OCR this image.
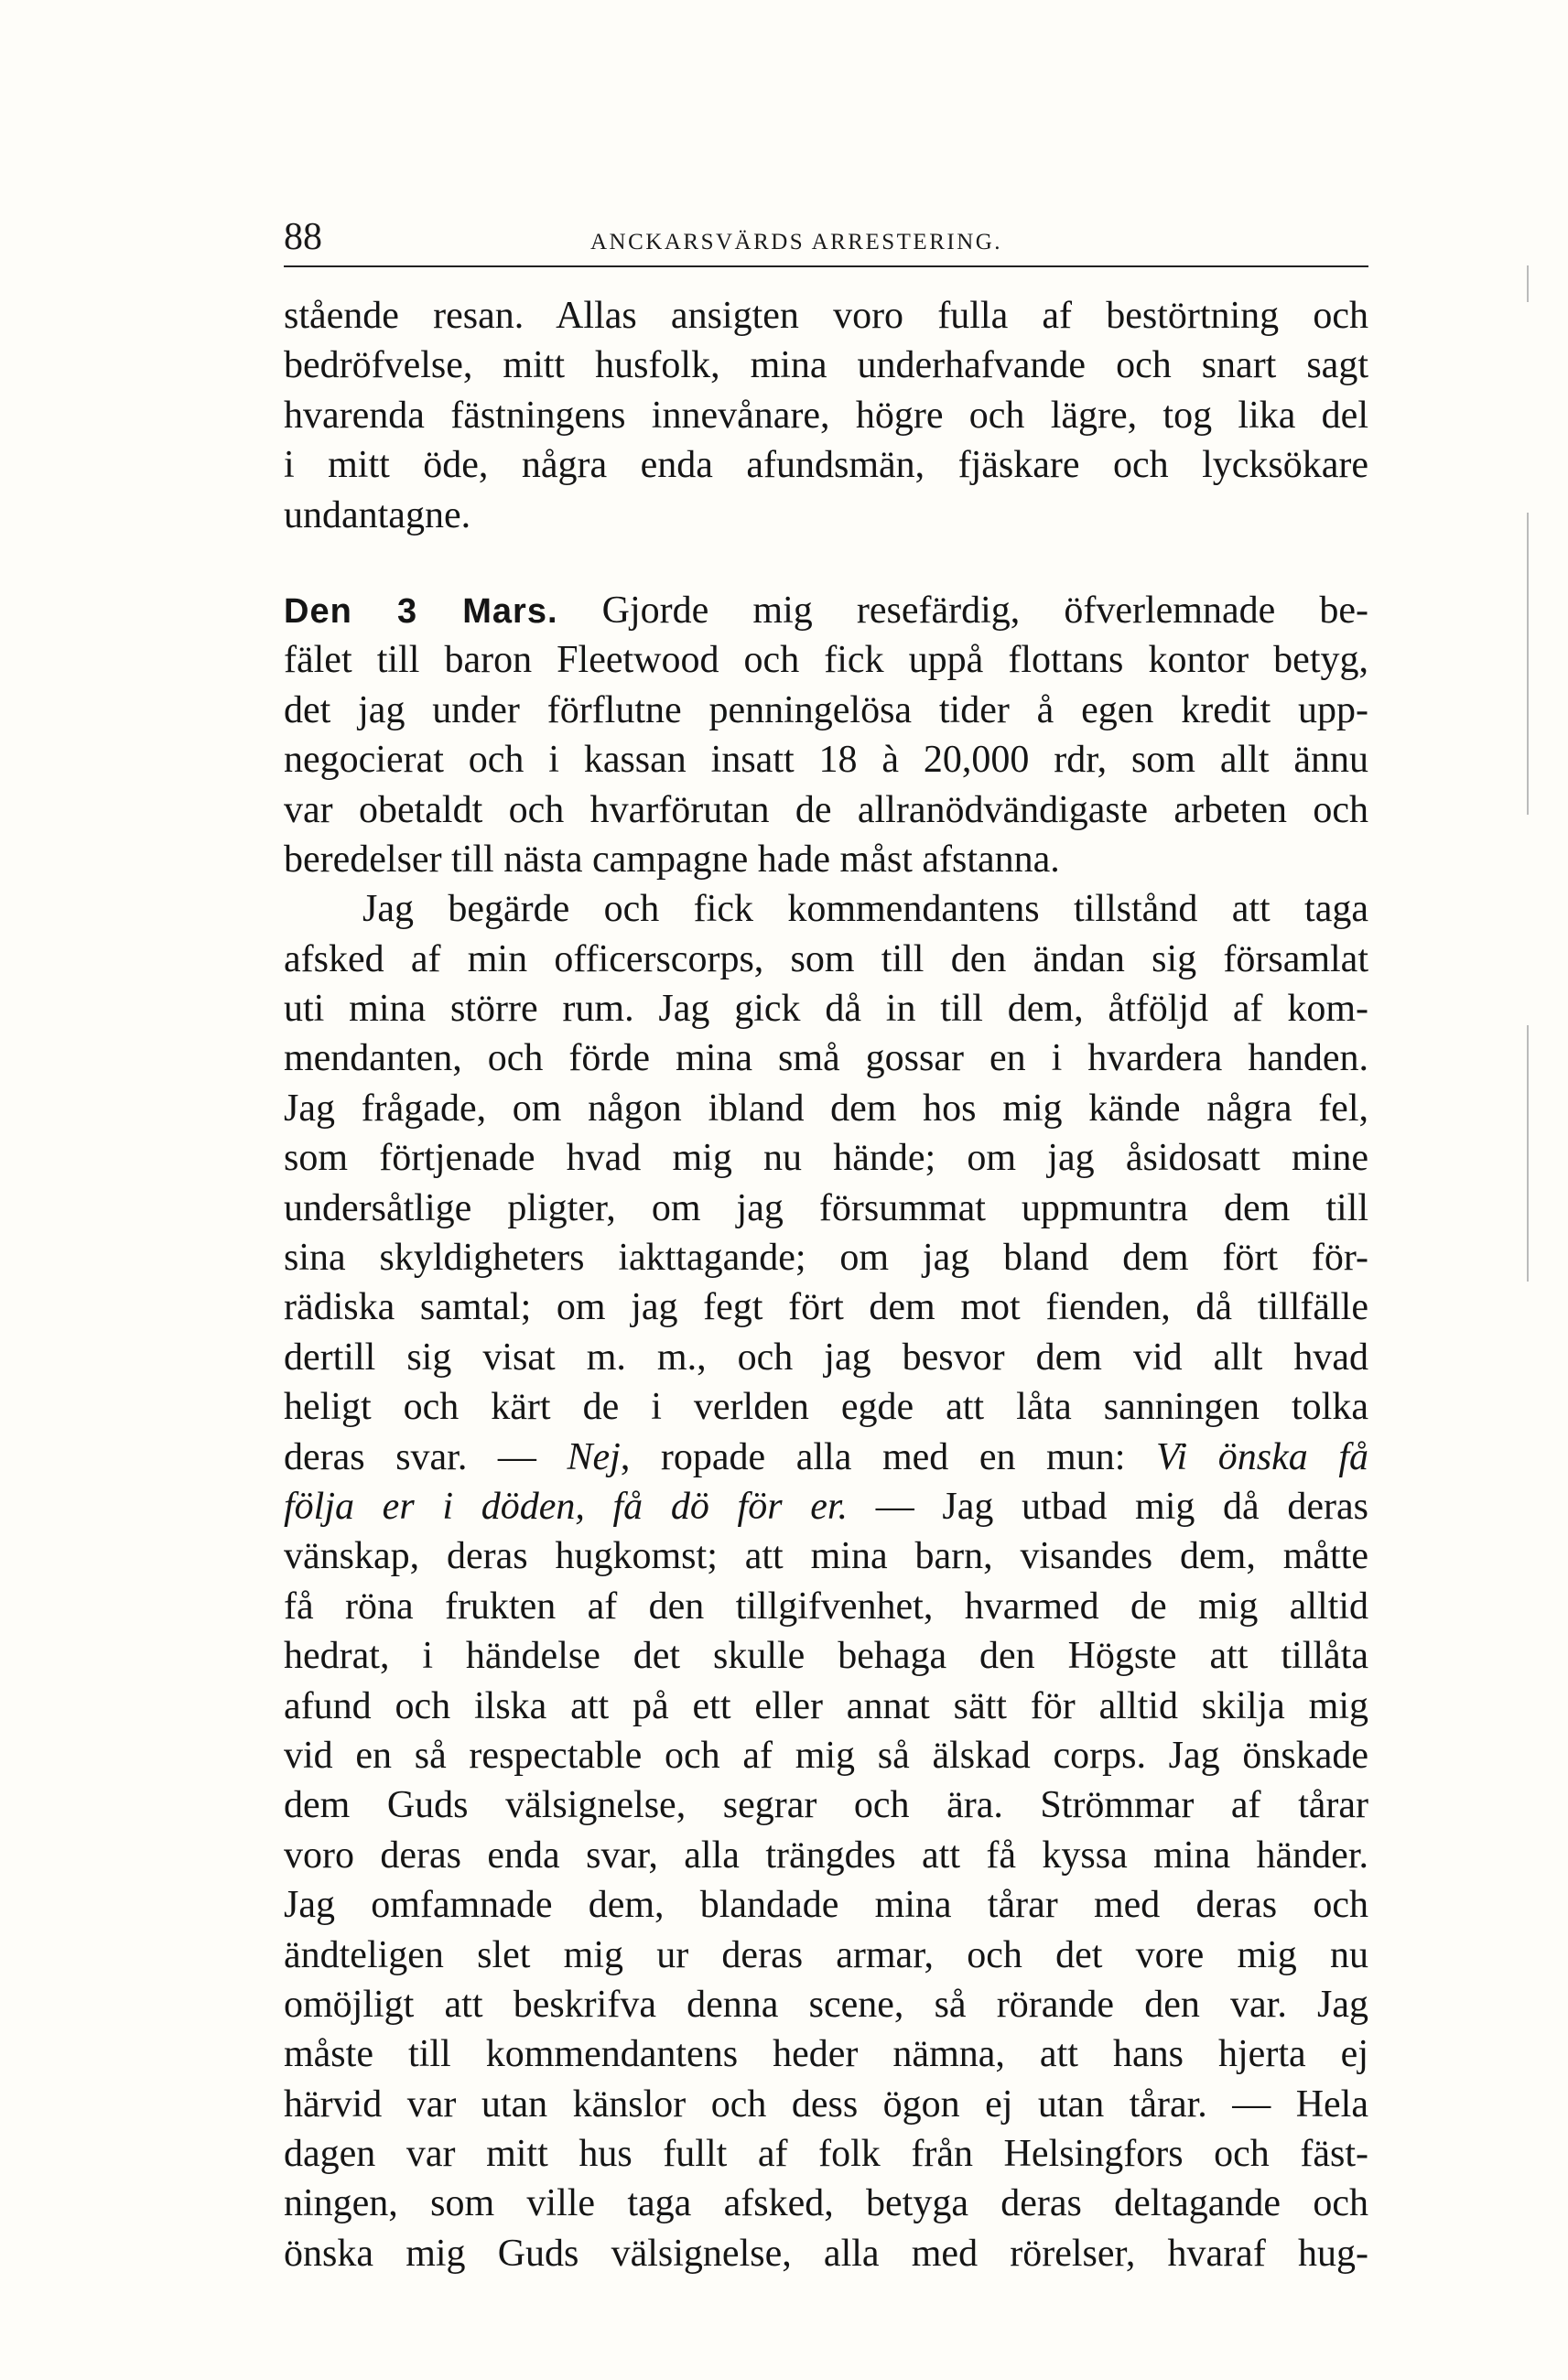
88	ANCKARSVÄRDS ARRESTERING.
stående resan. Allas ansigten voro fulla af bestörtning och
bedröfvelse, mitt husfolk, mina underhafvande och snart sagt
hvarenda fästningens innevånare, högre och lägre, tog lika del
i mitt öde, några enda afundsmän, fjäskare och lycksökare
undantagne.
Den 3 Mars. Gjorde mig resefärdig, öfverlemnade be-
fälet till baron Fleetwood och fick uppå flottans kontor betyg,
det jag under förflutne penningelösa tider å egen kredit upp-
negocierat och i kassan insatt 18 à 20,000 rdr, som allt ännu
var obetaldt och hvarförutan de allranödvändigaste arbeten och
beredelser till nästa campagne hade måst afstanna.
Jag begärde och fick kommendantens tillstånd att taga
afsked af min officerscorps, som till den ändan sig församlat
uti mina större rum. Jag gick då in till dem, åtföljd af kom-
mendanten, och förde mina små gossar en i hvardera handen.
Jag frågade, om någon ibland dem hos mig kände några fel,
som förtjenade hvad mig nu hände; om jag åsidosatt mine
undersåtlige pligter, om jag försummat uppmuntra dem till
sina skyldigheters iakttagande; om jag bland dem fört för-
rädiska samtal; om jag fegt fört dem mot fienden, då tillfälle
dertill sig visat m. m., och jag besvor dem vid allt hvad
heligt och kärt de i verlden egde att låta sanningen tolka
deras svar. — Nej, ropade alla med en mun: Vi önska få
följa er i döden, få dö för er. — Jag utbad mig då deras
vänskap, deras hugkomst; att mina barn, visandes dem, måtte
få röna frukten af den tillgifvenhet, hvarmed de mig alltid
hedrat, i händelse det skulle behaga den Högste att tillåta
afund och ilska att på ett eller annat sätt för alltid skilja mig
vid en så respectable och af mig så älskad corps. Jag önskade
dem Guds välsignelse, segrar och ära. Strömmar af tårar
voro deras enda svar, alla trängdes att få kyssa mina händer.
Jag omfamnade dem, blandade mina tårar med deras och
ändteligen slet mig ur deras armar, och det vore mig nu
omöjligt att beskrifva denna scene, så rörande den var. Jag
måste till kommendantens heder nämna, att hans hjerta ej
härvid var utan känslor och dess ögon ej utan tårar. — Hela
dagen var mitt hus fullt af folk från Helsingfors och fäst-
ningen, som ville taga afsked, betyga deras deltagande och
önska mig Guds välsignelse, alla med rörelser, hvaraf hug-
